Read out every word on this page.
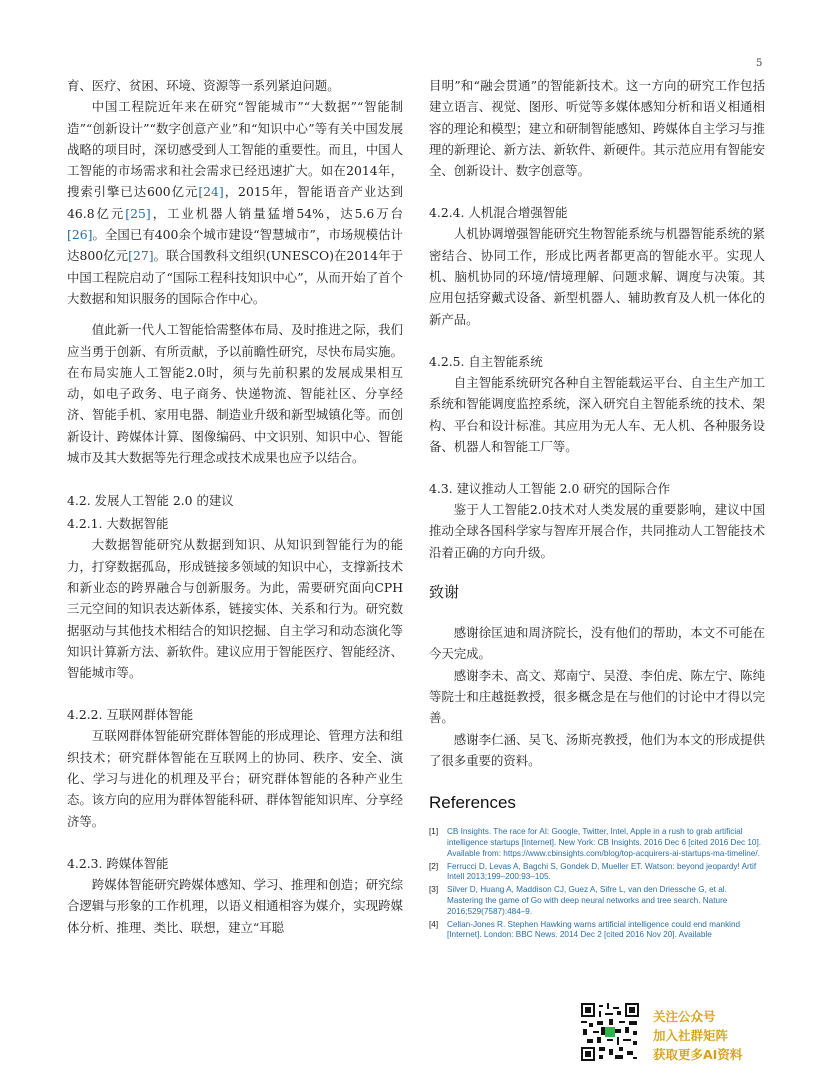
5

育、医疗、贫困、环境、资源等一系列紧迫问题。

中国工程院近年来在研究“智能城市”“大数据”“智能制造”“创新设计”“数字创意产业”和“知识中心”等有关中国发展战略的项目时，深切感受到人工智能的重要性。而且，中国人工智能的市场需求和社会需求已经迅速扩大。如在2014年，搜索引擎已达600亿元[24]，2015年，智能语音产业达到46.8亿元[25]，工业机器人销量猛增54%，达5.6万台[26]。全国已有400余个城市建设“智慧城市”，市场规模估计达800亿元[27]。联合国教科文组织(UNESCO)在2014年于中国工程院启动了“国际工程科技知识中心”，从而开始了首个大数据和知识服务的国际合作中心。

值此新一代人工智能恰需整体布局、及时推进之际，我们应当勇于创新、有所贡献，予以前瞻性研究，尽快布局实施。在布局实施人工智能2.0时，须与先前积累的发展成果相互动，如电子政务、电子商务、快递物流、智能社区、分享经济、智能手机、家用电器、制造业升级和新型城镇化等。而创新设计、跨媒体计算、图像编码、中文识别、知识中心、智能城市及其大数据等先行理念或技术成果也应予以结合。

4.2. 发展人工智能 2.0 的建议
4.2.1. 大数据智能

大数据智能研究从数据到知识、从知识到智能行为的能力，打穿数据孤岛，形成链接多领域的知识中心，支撑新技术和新业态的跨界融合与创新服务。为此，需要研究面向CPH三元空间的知识表达新体系，链接实体、关系和行为。研究数据驱动与其他技术相结合的知识挖掘、自主学习和动态演化等知识计算新方法、新软件。建议应用于智能医疗、智能经济、智能城市等。

4.2.2. 互联网群体智能

互联网群体智能研究群体智能的形成理论、管理方法和组织技术；研究群体智能在互联网上的协同、秩序、安全、演化、学习与进化的机理及平台；研究群体智能的各种产业生态。该方向的应用为群体智能科研、群体智能知识库、分享经济等。

4.2.3. 跨媒体智能

跨媒体智能研究跨媒体感知、学习、推理和创造；研究综合逻辑与形象的工作机理，以语义相通相容为媒介，实现跨媒体分析、推理、类比、联想，建立“耳聪

目明”和“融会贯通”的智能新技术。这一方向的研究工作包括建立语言、视觉、图形、听觉等多媒体感知分析和语义相通相容的理论和模型；建立和研制智能感知、跨媒体自主学习与推理的新理论、新方法、新软件、新硬件。其示范应用有智能安全、创新设计、数字创意等。

4.2.4. 人机混合增强智能

人机协调增强智能研究生物智能系统与机器智能系统的紧密结合、协同工作，形成比两者都更高的智能水平。实现人机、脑机协同的环境/情境理解、问题求解、调度与决策。其应用包括穿戴式设备、新型机器人、辅助教育及人机一体化的新产品。

4.2.5. 自主智能系统

自主智能系统研究各种自主智能载运平台、自主生产加工系统和智能调度监控系统，深入研究自主智能系统的技术、架构、平台和设计标准。其应用为无人车、无人机、各种服务设备、机器人和智能工厂等。

4.3. 建议推动人工智能 2.0 研究的国际合作

鉴于人工智能2.0技术对人类发展的重要影响，建议中国推动全球各国科学家与智库开展合作，共同推动人工智能技术沿着正确的方向升级。

致谢

感谢徐匡迪和周济院长，没有他们的帮助，本文不可能在今天完成。

感谢李未、高文、郑南宁、吴澄、李伯虎、陈左宁、陈纯等院士和庄越挺教授，很多概念是在与他们的讨论中才得以完善。

感谢李仁涵、吴飞、汤斯亮教授，他们为本文的形成提供了很多重要的资料。

References
[1]	CB Insights. The race for AI: Google, Twitter, Intel, Apple in a rush to grab artificial intelligence startups [Internet]. New York: CB Insights. 2016 Dec 6 [cited 2016 Dec 10]. Available from: https://www.cbinsights.com/blog/top-acquirers-ai-startups-ma-timeline/.
[2]	Ferrucci D, Levas A, Bagchi S, Gondek D, Mueller ET. Watson: beyond jeopardy! Artif Intell 2013;199–200:93–105.
[3]	Silver D, Huang A, Maddison CJ, Guez A, Sifre L, van den Driessche G, et al. Mastering the game of Go with deep neural networks and tree search. Nature 2016;529(7587):484–9.
[4]	Cellan-Jones R. Stephen Hawking warns artificial intelligence could end mankind [Internet]. London: BBC News. 2014 Dec 2 [cited 2016 Nov 20]. Available
关注公众号
加入社群矩阵
获取更多AI资料
